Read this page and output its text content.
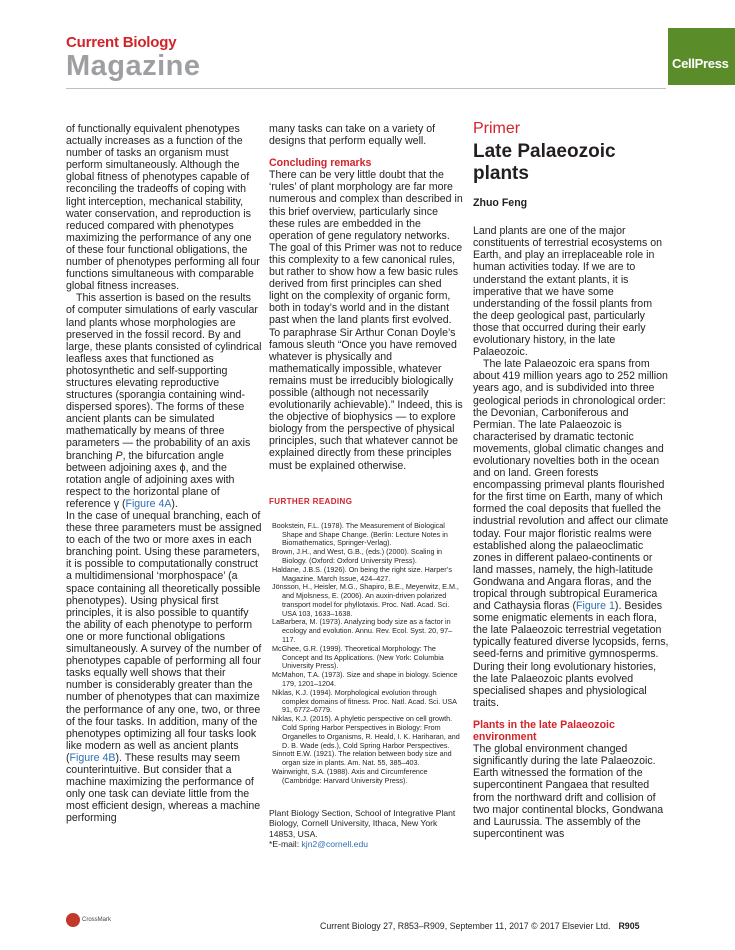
Current Biology
Magazine	CellPress

of functionally equivalent phenotypes actually increases as a function of the number of tasks an organism must perform simultaneously. Although the global fitness of phenotypes capable of reconciling the tradeoffs of coping with light interception, mechanical stability, water conservation, and reproduction is reduced compared with phenotypes maximizing the performance of any one of these four functional obligations, the number of phenotypes performing all four functions simultaneous with comparable global fitness increases.

This assertion is based on the results of computer simulations of early vascular land plants whose morphologies are preserved in the fossil record. By and large, these plants consisted of cylindrical leafless axes that functioned as photosynthetic and self-supporting structures elevating reproductive structures (sporangia containing wind-dispersed spores). The forms of these ancient plants can be simulated mathematically by means of three parameters — the probability of an axis branching P, the bifurcation angle between adjoining axes ϕ, and the rotation angle of adjoining axes with respect to the horizontal plane of reference γ (Figure 4A).

In the case of unequal branching, each of these three parameters must be assigned to each of the two or more axes in each branching point. Using these parameters, it is possible to computationally construct a multidimensional ‘morphospace’ (a space containing all theoretically possible phenotypes). Using physical first principles, it is also possible to quantify the ability of each phenotype to perform one or more functional obligations simultaneously. A survey of the number of phenotypes capable of performing all four tasks equally well shows that their number is considerably greater than the number of phenotypes that can maximize the performance of any one, two, or three of the four tasks. In addition, many of the phenotypes optimizing all four tasks look like modern as well as ancient plants (Figure 4B). These results may seem counterintuitive. But consider that a machine maximizing the performance of only one task can deviate little from the most efficient design, whereas a machine performing

many tasks can take on a variety of designs that perform equally well.

Concluding remarks

There can be very little doubt that the ‘rules’ of plant morphology are far more numerous and complex than described in this brief overview, particularly since these rules are embedded in the operation of gene regulatory networks. The goal of this Primer was not to reduce this complexity to a few canonical rules, but rather to show how a few basic rules derived from first principles can shed light on the complexity of organic form, both in today’s world and in the distant past when the land plants first evolved. To paraphrase Sir Arthur Conan Doyle’s famous sleuth “Once you have removed whatever is physically and mathematically impossible, whatever remains must be irreducibly biologically possible (although not necessarily evolutionarily achievable).” Indeed, this is the objective of biophysics — to explore biology from the perspective of physical principles, such that whatever cannot be explained directly from these principles must be explained otherwise.

FURTHER READING
Bookstein, F.L. (1978). The Measurement of Biological Shape and Shape Change. (Berlin: Lecture Notes in Biomathematics, Springer-Verlag).
Brown, J.H., and West, G.B., (eds.) (2000). Scaling in Biology. (Oxford: Oxford University Press).
Haldane, J.B.S. (1926). On being the right size. Harper’s Magazine. March Issue, 424–427.
Jönsson, H., Heisler, M.G., Shapiro, B.E., Meyerwitz, E.M., and Mjolsness, E. (2006). An auxin-driven polarized transport model for phyllotaxis. Proc. Natl. Acad. Sci. USA 103, 1633–1638.
LaBarbera, M. (1973). Analyzing body size as a factor in ecology and evolution. Annu. Rev. Ecol. Syst. 20, 97–117.
McGhee, G.R. (1999). Theoretical Morphology: The Concept and Its Applications. (New York: Columbia University Press).
McMahon, T.A. (1973). Size and shape in biology. Science 179, 1201–1204.
Niklas, K.J. (1994). Morphological evolution through complex domains of fitness. Proc. Natl. Acad. Sci. USA 91, 6772–6779.
Niklas, K.J. (2015). A phyletic perspective on cell growth. Cold Spring Harbor Perspectives in Biology: From Organelles to Organisms, R. Heald, I. K. Hariharan, and D. B. Wade (eds.), Cold Spring Harbor Perspectives.
Sinnott E.W. (1921). The relation between body size and organ size in plants. Am. Nat. 55, 385–403.
Wainwright, S.A. (1988). Axis and Circumference (Cambridge: Harvard University Press).
Plant Biology Section, School of Integrative Plant Biology, Cornell University, Ithaca, New York 14853, USA.
*E-mail: kjn2@cornell.edu
Primer
Late Palaeozoic plants
Zhuo Feng

Land plants are one of the major constituents of terrestrial ecosystems on Earth, and play an irreplaceable role in human activities today. If we are to understand the extant plants, it is imperative that we have some understanding of the fossil plants from the deep geological past, particularly those that occurred during their early evolutionary history, in the late Palaeozoic.

The late Palaeozoic era spans from about 419 million years ago to 252 million years ago, and is subdivided into three geological periods in chronological order: the Devonian, Carboniferous and Permian. The late Palaeozoic is characterised by dramatic tectonic movements, global climatic changes and evolutionary novelties both in the ocean and on land. Green forests encompassing primeval plants flourished for the first time on Earth, many of which formed the coal deposits that fuelled the industrial revolution and affect our climate today. Four major floristic realms were established along the palaeoclimatic zones in different palaeo-continents or land masses, namely, the high-latitude Gondwana and Angara floras, and the tropical through subtropical Euramerica and Cathaysia floras (Figure 1). Besides some enigmatic elements in each flora, the late Palaeozoic terrestrial vegetation typically featured diverse lycopsids, ferns, seed-ferns and primitive gymnosperms. During their long evolutionary histories, the late Palaeozoic plants evolved specialised shapes and physiological traits.

Plants in the late Palaeozoic environment

The global environment changed significantly during the late Palaeozoic. Earth witnessed the formation of the supercontinent Pangaea that resulted from the northward drift and collision of two major continental blocks, Gondwana and Laurussia. The assembly of the supercontinent was

CrossMark
Current Biology 27, R853–R909, September 11, 2017 © 2017 Elsevier Ltd. R905
